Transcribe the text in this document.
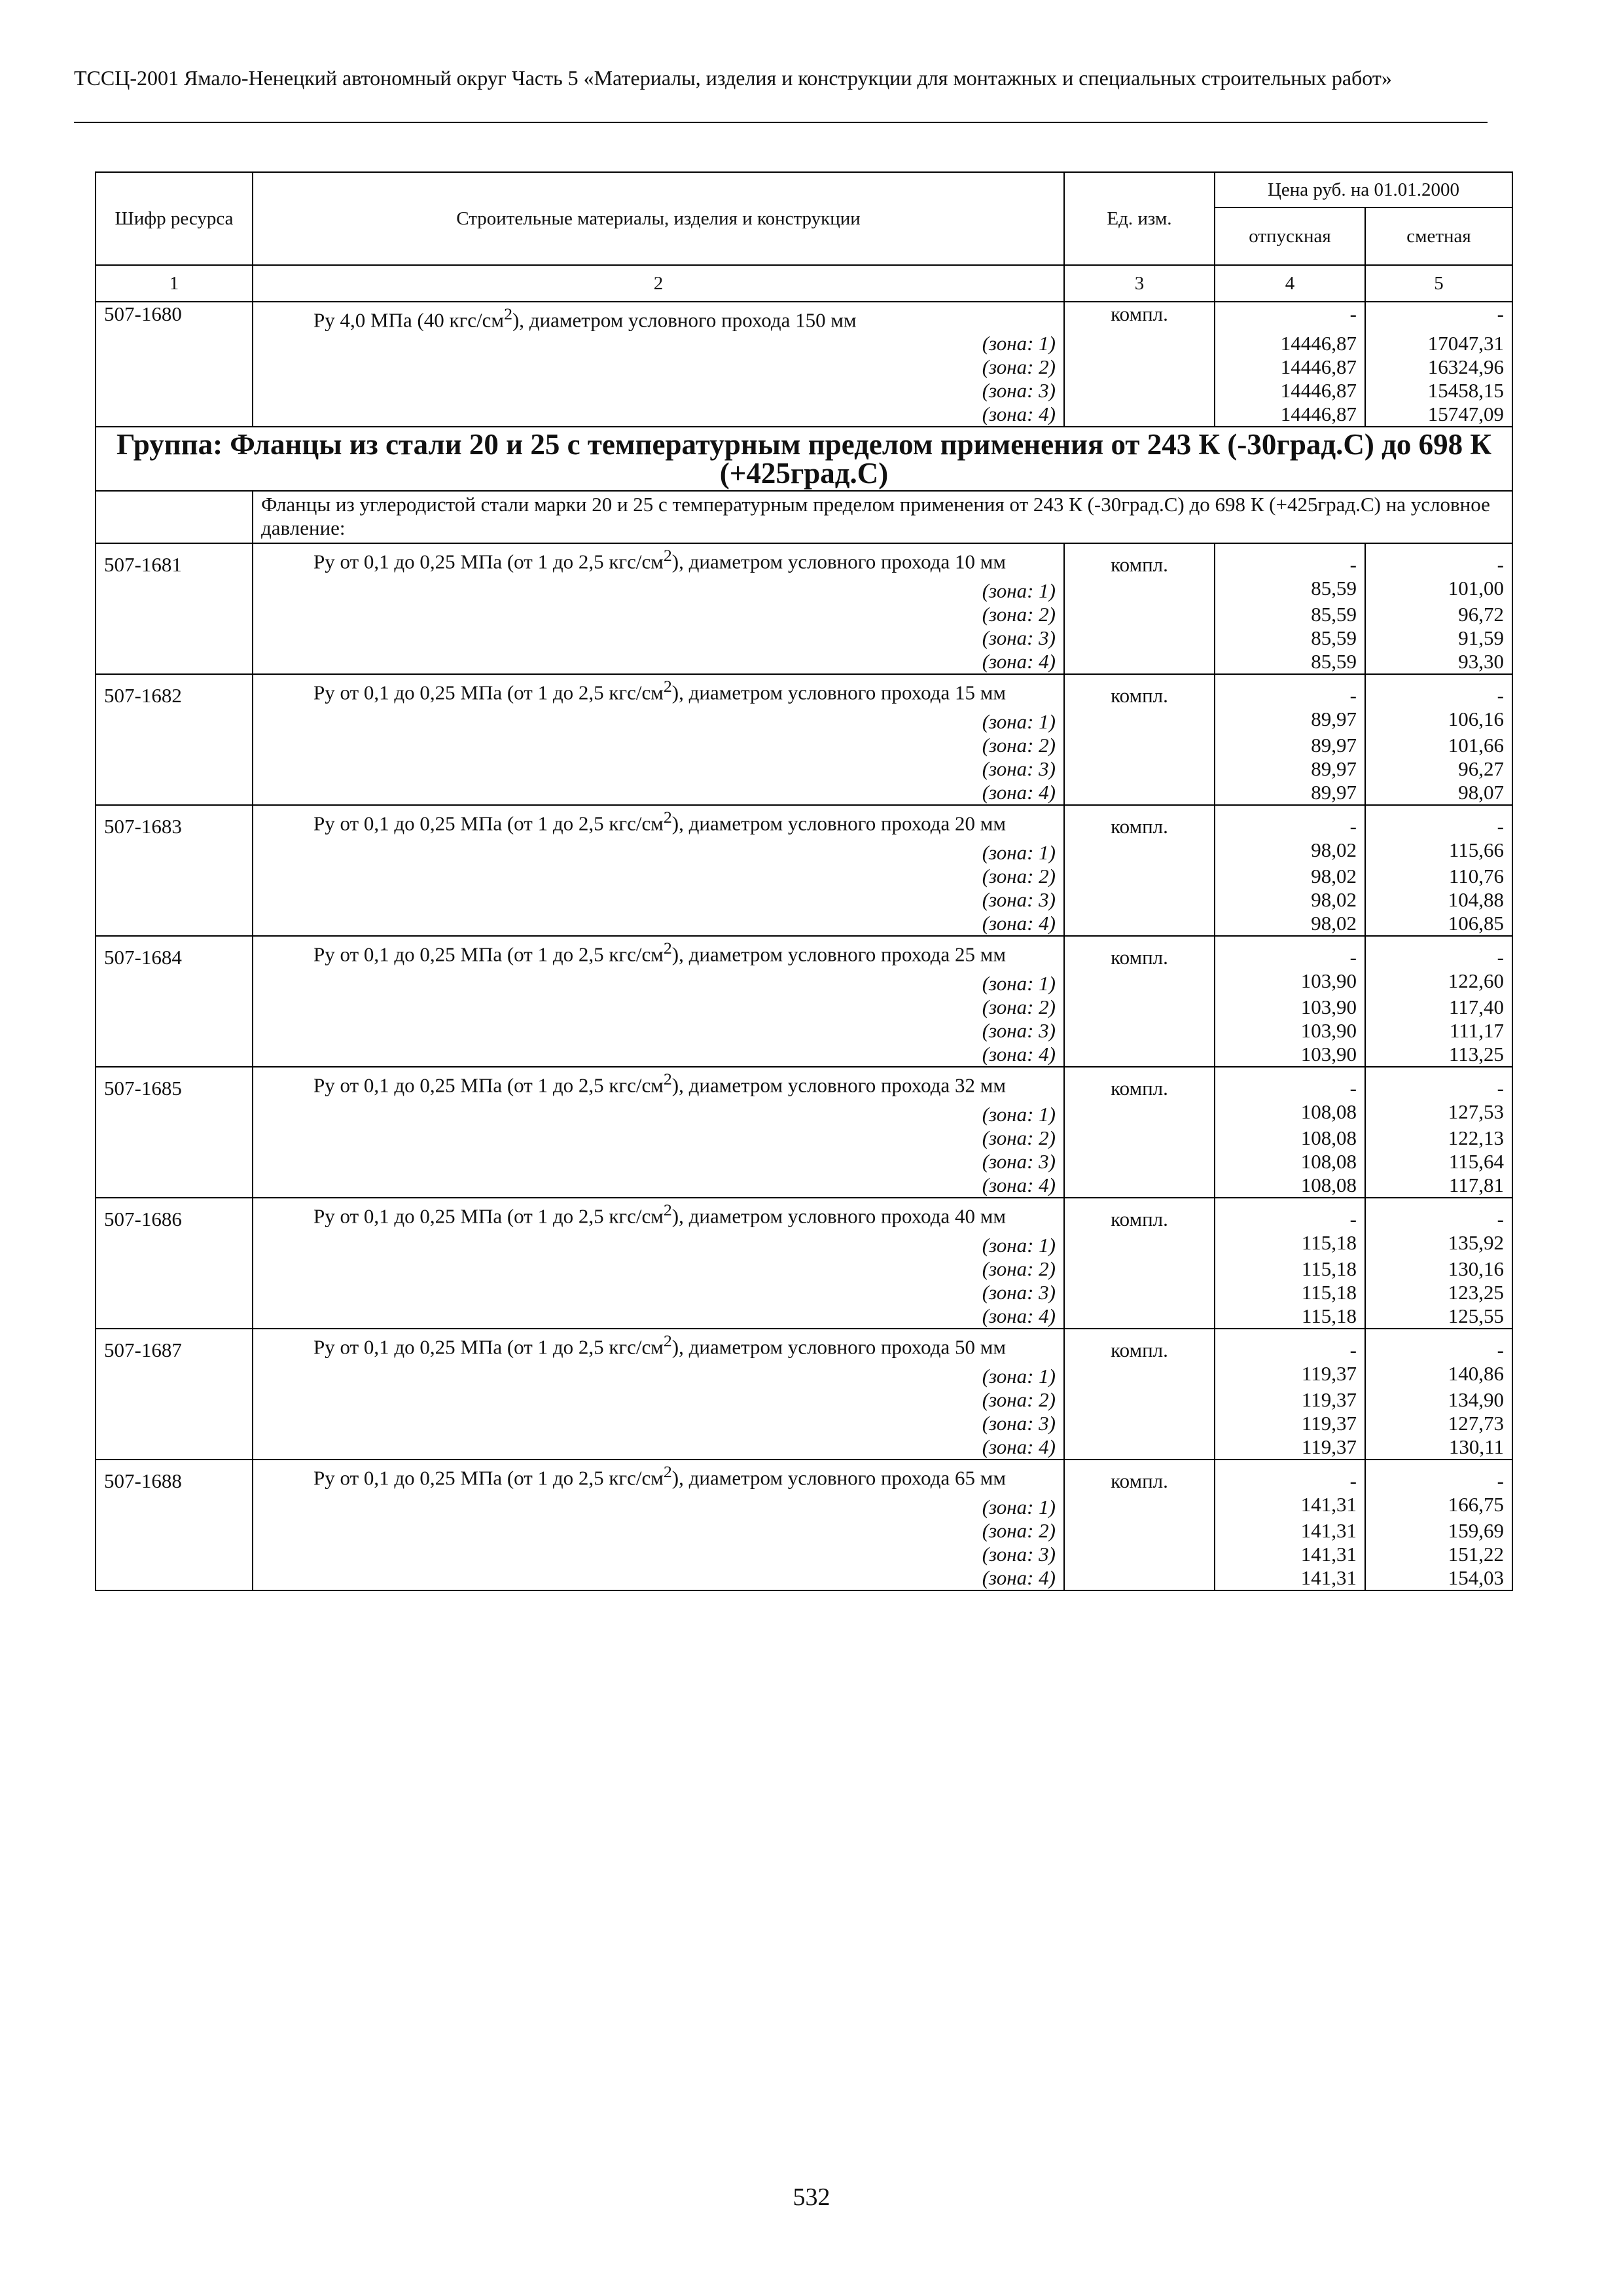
ТССЦ-2001 Ямало-Ненецкий автономный округ Часть 5 «Материалы, изделия и конструкции для монтажных и специальных строительных работ»
Шифр ресурса	Строительные материалы, изделия и конструкции	Ед. изм.	Цена руб. на 01.01.2000	
			отпускная	сметная
1	2	3	4	5
507-1680	Ру 4,0 МПа (40 кгс/$см^2$), диаметром условного прохода 150 мм	компл.	-	-
	(зона: 1)		14446,87	17047,31
	(зона: 2)		14446,87	16324,96
	(зона: 3)		14446,87	15458,15
	(зона: 4)		14446,87	15747,09
Группа: Фланцы из стали 20 и 25 с температурным пределом применения от 243 К (-30град.С) до 698 К (+425град.С)				
	Фланцы из углеродистой стали марки 20 и 25 с температурным пределом применения от 243 К (-30град.С) до 698 К (+425град.С) на условное давление:			
507-1681	Ру от 0,1 до 0,25 МПа (от 1 до 2,5 кгс/$см^2$), диаметром условного прохода 10 мм	компл.	-	-
	(зона: 1)		85,59	101,00
	(зона: 2)		85,59	96,72
	(зона: 3)		85,59	91,59
	(зона: 4)		85,59	93,30
507-1682	Ру от 0,1 до 0,25 МПа (от 1 до 2,5 кгс/$см^2$), диаметром условного прохода 15 мм	компл.	-	-
	(зона: 1)		89,97	106,16
	(зона: 2)		89,97	101,66
	(зона: 3)		89,97	96,27
	(зона: 4)		89,97	98,07
507-1683	Ру от 0,1 до 0,25 МПа (от 1 до 2,5 кгс/$см^2$), диаметром условного прохода 20 мм	компл.	-	-
	(зона: 1)		98,02	115,66
	(зона: 2)		98,02	110,76
	(зона: 3)		98,02	104,88
	(зона: 4)		98,02	106,85
507-1684	Ру от 0,1 до 0,25 МПа (от 1 до 2,5 кгс/$см^2$), диаметром условного прохода 25 мм	компл.	-	-
	(зона: 1)		103,90	122,60
	(зона: 2)		103,90	117,40
	(зона: 3)		103,90	111,17
	(зона: 4)		103,90	113,25
507-1685	Ру от 0,1 до 0,25 МПа (от 1 до 2,5 кгс/$см^2$), диаметром условного прохода 32 мм	компл.	-	-
	(зона: 1)		108,08	127,53
	(зона: 2)		108,08	122,13
	(зона: 3)		108,08	115,64
	(зона: 4)		108,08	117,81
507-1686	Ру от 0,1 до 0,25 МПа (от 1 до 2,5 кгс/$см^2$), диаметром условного прохода 40 мм	компл.	-	-
	(зона: 1)		115,18	135,92
	(зона: 2)		115,18	130,16
	(зона: 3)		115,18	123,25
	(зона: 4)		115,18	125,55
507-1687	Ру от 0,1 до 0,25 МПа (от 1 до 2,5 кгс/$см^2$), диаметром условного прохода 50 мм	компл.	-	-
	(зона: 1)		119,37	140,86
	(зона: 2)		119,37	134,90
	(зона: 3)		119,37	127,73
	(зона: 4)		119,37	130,11
507-1688	Ру от 0,1 до 0,25 МПа (от 1 до 2,5 кгс/$см^2$), диаметром условного прохода 65 мм	компл.	-	-
	(зона: 1)		141,31	166,75
	(зона: 2)		141,31	159,69
	(зона: 3)		141,31	151,22
	(зона: 4)		141,31	154,03
532
